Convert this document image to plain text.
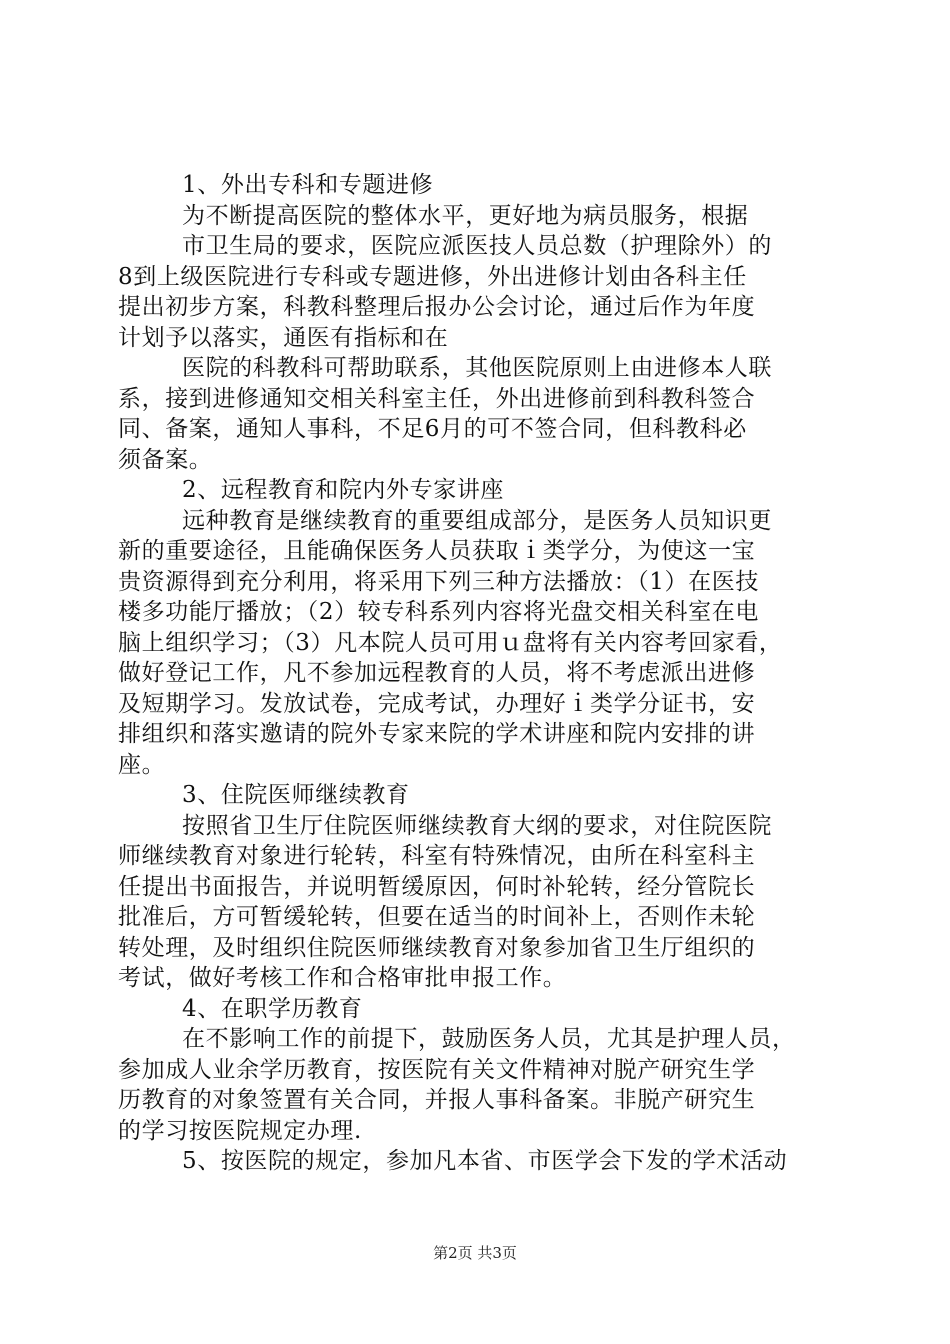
1、外出专科和专题进修
为不断提高医院的整体水平，更好地为病员服务，根据
市卫生局的要求，医院应派医技人员总数（护理除外）的
8到上级医院进行专科或专题进修，外出进修计划由各科主任
提出初步方案，科教科整理后报办公会讨论，通过后作为年度
计划予以落实，通医有指标和在
医院的科教科可帮助联系，其他医院原则上由进修本人联
系，接到进修通知交相关科室主任，外出进修前到科教科签合
同、备案，通知人事科，不足6月的可不签合同，但科教科必
须备案。
2、远程教育和院内外专家讲座
远种教育是继续教育的重要组成部分，是医务人员知识更
新的重要途径，且能确保医务人员获取ｉ类学分，为使这一宝
贵资源得到充分利用，将采用下列三种方法播放：（1）在医技
楼多功能厅播放；（2）较专科系列内容将光盘交相关科室在电
脑上组织学习；（3）凡本院人员可用ｕ盘将有关内容考回家看，
做好登记工作，凡不参加远程教育的人员，将不考虑派出进修
及短期学习。发放试卷，完成考试，办理好ｉ类学分证书，安
排组织和落实邀请的院外专家来院的学术讲座和院内安排的讲
座。
3、住院医师继续教育
按照省卫生厅住院医师继续教育大纲的要求，对住院医院
师继续教育对象进行轮转，科室有特殊情况，由所在科室科主
任提出书面报告，并说明暂缓原因，何时补轮转，经分管院长
批准后，方可暂缓轮转，但要在适当的时间补上，否则作未轮
转处理，及时组织住院医师继续教育对象参加省卫生厅组织的
考试，做好考核工作和合格审批申报工作。
4、在职学历教育
在不影响工作的前提下，鼓励医务人员，尤其是护理人员，
参加成人业余学历教育，按医院有关文件精神对脱产研究生学
历教育的对象签置有关合同，并报人事科备案。非脱产研究生
的学习按医院规定办理.
5、按医院的规定，参加凡本省、市医学会下发的学术活动
第2页 共3页
